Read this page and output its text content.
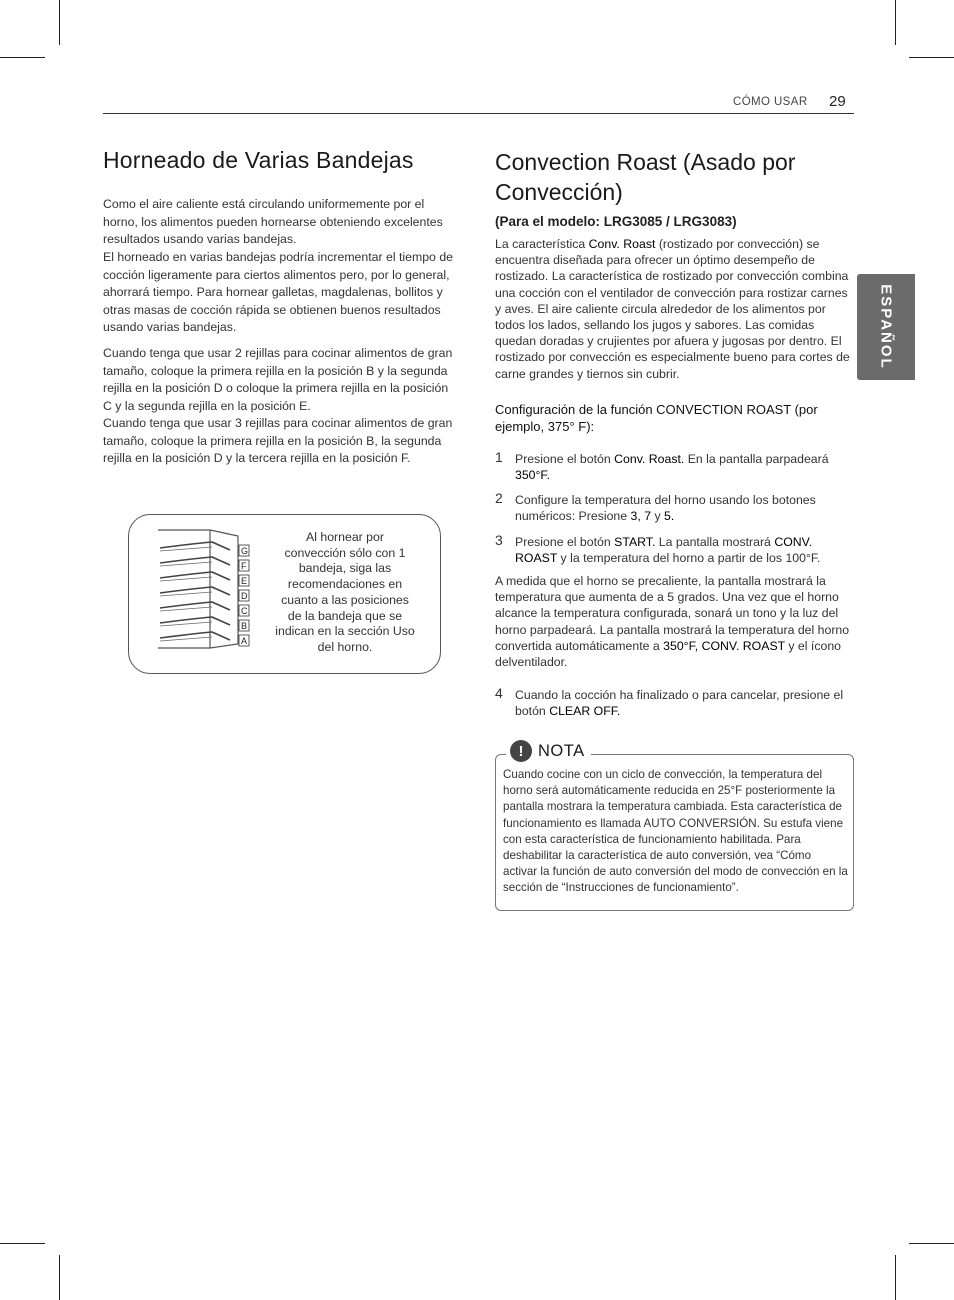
CÓMO USAR 29
ESPAÑOL
Horneado de Varias Bandejas

Como el aire caliente está circulando uniformemente por el horno, los alimentos pueden hornearse obteniendo excelentes resultados usando varias bandejas.

El horneado en varias bandejas podría incrementar el tiempo de cocción ligeramente para ciertos alimentos pero, por lo general, ahorrará tiempo. Para hornear galletas, magdalenas, bollitos y otras masas de cocción rápida se obtienen buenos resultados usando varias bandejas.

Cuando tenga que usar 2 rejillas para cocinar alimentos de gran tamaño, coloque la primera rejilla en la posición B y la segunda rejilla en la posición D o coloque la primera rejilla en la posición C y la segunda rejilla en la posición E.

Cuando tenga que usar 3 rejillas para cocinar alimentos de gran tamaño, coloque la primera rejilla en la posición B, la segunda rejilla en la posición D y la tercera rejilla en la posición F.

G
F
E
D
C
B
A
Al hornear por convección sólo con 1 bandeja, siga las recomendaciones en cuanto a las posiciones de la bandeja que se indican en la sección Uso del horno.
Convection Roast (Asado por Convección)
(Para el modelo: LRG3085 / LRG3083)

La característica Conv. Roast (rostizado por convección) se encuentra diseñada para ofrecer un óptimo desempeño de rostizado. La característica de rostizado por convección combina una cocción con el ventilador de convección para rostizar carnes y aves. El aire caliente circula alrededor de los alimentos por todos los lados, sellando los jugos y sabores. Las comidas quedan doradas y crujientes por afuera y jugosas por dentro. El rostizado por convección es especialmente bueno para cortes de carne grandes y tiernos sin cubrir.

Configuración de la función CONVECTION ROAST (por ejemplo, 375° F):
1 Presione el botón Conv. Roast. En la pantalla parpadeará 350°F.
2 Configure la temperatura del horno usando los botones numéricos: Presione 3, 7 y 5.
3 Presione el botón START. La pantalla mostrará CONV. ROAST y la temperatura del horno a partir de los 100°F.

A medida que el horno se precaliente, la pantalla mostrará la temperatura que aumenta de a 5 grados. Una vez que el horno alcance la temperatura configurada, sonará un tono y la luz del horno parpadeará. La pantalla mostrará la temperatura del horno convertida automáticamente a 350°F, CONV. ROAST y el ícono delventilador.

4 Cuando la cocción ha finalizado o para cancelar, presione el botón CLEAR OFF.
! NOTA
Cuando cocine con un ciclo de convección, la temperatura del horno será automáticamente reducida en 25°F posteriormente la pantalla mostrara la temperatura cambiada. Esta característica de funcionamiento es llamada AUTO CONVERSIÓN. Su estufa viene con esta característica de funcionamiento habilitada. Para deshabilitar la característica de auto conversión, vea “Cómo activar la función de auto conversión del modo de convección en la sección de “Instrucciones de funcionamiento”.
